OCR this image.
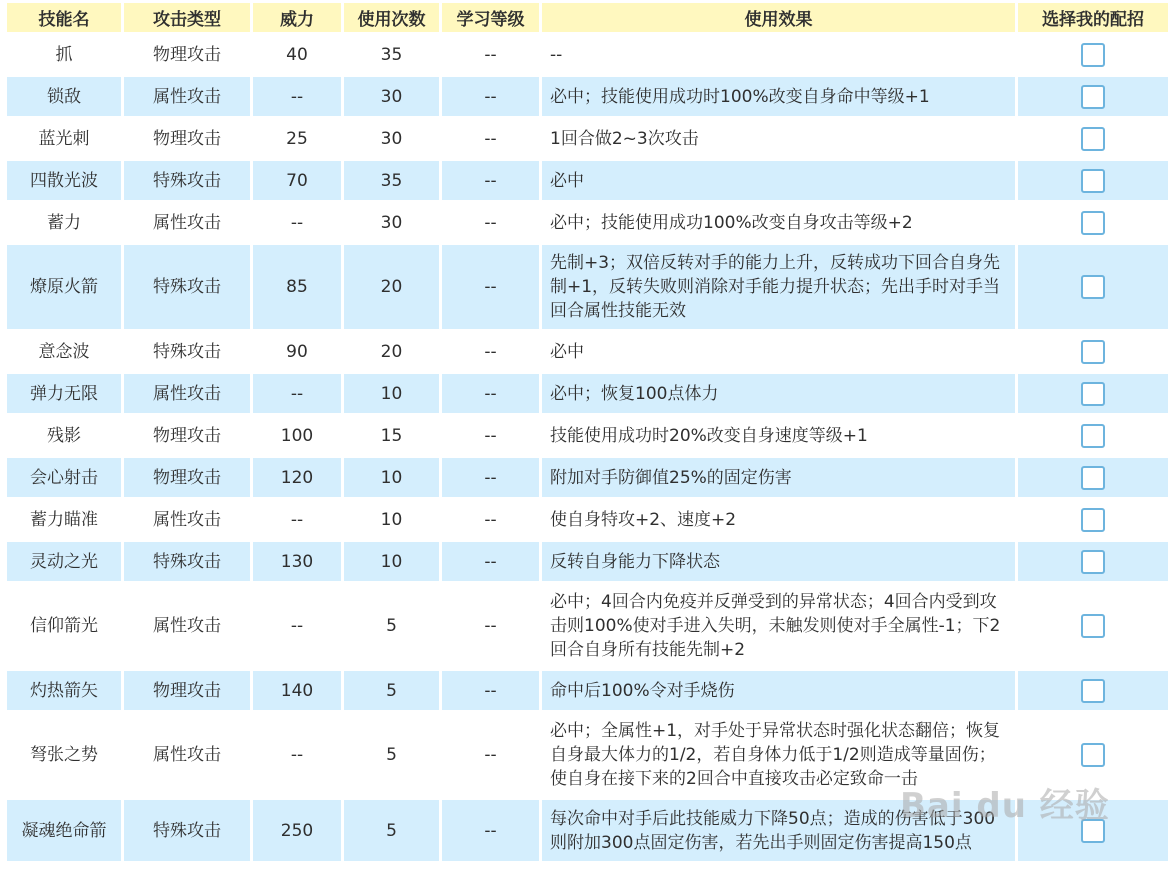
技能名	攻击类型	威力	使用次数	学习等级	使用效果	选择我的配招
抓	物理攻击	40	35	--	--	
锁敌	属性攻击	--	30	--	必中；技能使用成功时100%改变自身命中等级+1	
蓝光刺	物理攻击	25	30	--	1回合做2~3次攻击	
四散光波	特殊攻击	70	35	--	必中	
蓄力	属性攻击	--	30	--	必中；技能使用成功100%改变自身攻击等级+2	
燎原火箭	特殊攻击	85	20	--	先制+3；双倍反转对手的能力上升，反转成功下回合自身先制+1，反转失败则消除对手能力提升状态；先出手时对手当回合属性技能无效	
意念波	特殊攻击	90	20	--	必中	
弹力无限	属性攻击	--	10	--	必中；恢复100点体力	
残影	物理攻击	100	15	--	技能使用成功时20%改变自身速度等级+1	
会心射击	物理攻击	120	10	--	附加对手防御值25%的固定伤害	
蓄力瞄准	属性攻击	--	10	--	使自身特攻+2、速度+2	
灵动之光	特殊攻击	130	10	--	反转自身能力下降状态	
信仰箭光	属性攻击	--	5	--	必中；4回合内免疫并反弹受到的异常状态；4回合内受到攻击则100%使对手进入失明，未触发则使对手全属性-1；下2回合自身所有技能先制+2	
灼热箭矢	物理攻击	140	5	--	命中后100%令对手烧伤	
弩张之势	属性攻击	--	5	--	必中；全属性+1，对手处于异常状态时强化状态翻倍；恢复自身最大体力的1/2，若自身体力低于1/2则造成等量固伤；使自身在接下来的2回合中直接攻击必定致命一击	
凝魂绝命箭	特殊攻击	250	5	--	每次命中对手后此技能威力下降50点；造成的伤害低于300则附加300点固定伤害，若先出手则固定伤害提高150点	
Bai du 经验
